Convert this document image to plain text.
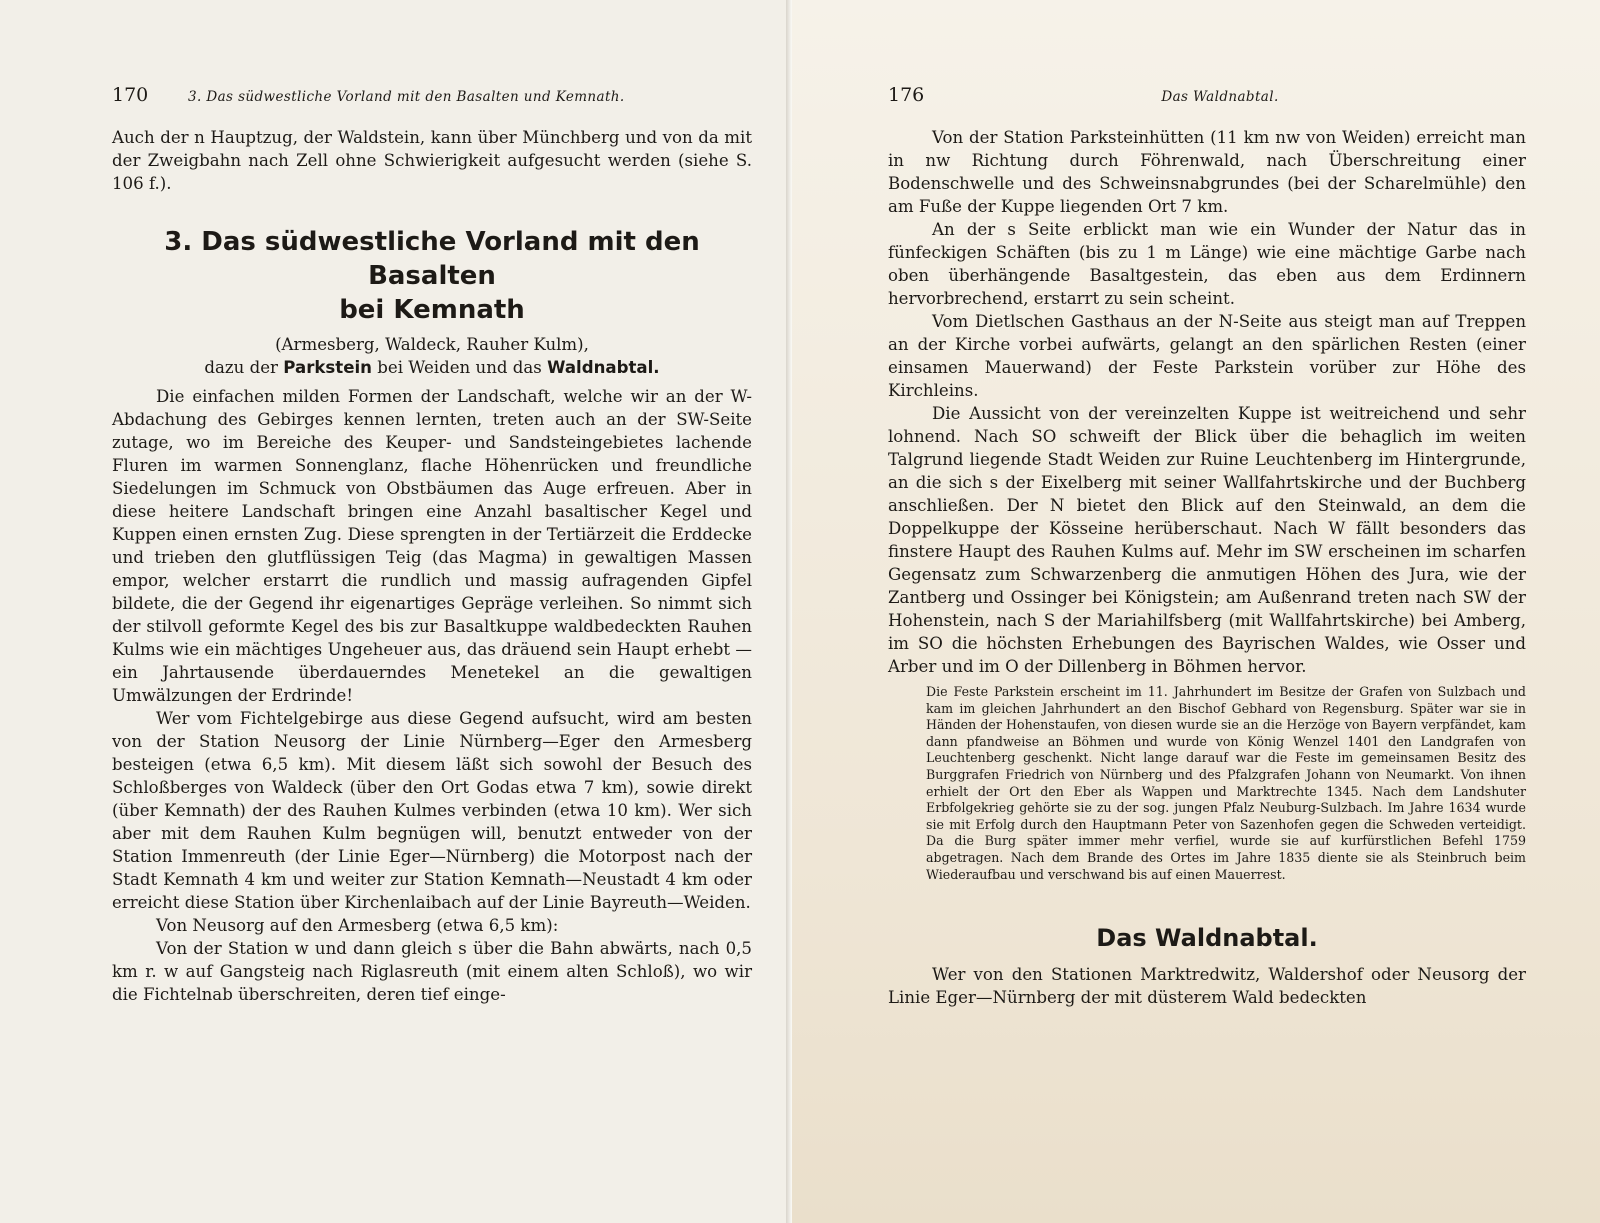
170	3. Das südwestliche Vorland mit den Basalten und Kemnath.

Auch der n Hauptzug, der Waldstein, kann über Münchberg und von da mit der Zweigbahn nach Zell ohne Schwierigkeit aufgesucht werden (siehe S. 106 f.).

3. Das südwestliche Vorland mit den Basalten
bei Kemnath
(Armesberg, Waldeck, Rauher Kulm),
dazu der Parkstein bei Weiden und das Waldnabtal.

Die einfachen milden Formen der Landschaft, welche wir an der W-Abdachung des Gebirges kennen lernten, treten auch an der SW-Seite zutage, wo im Bereiche des Keuper- und Sandsteingebietes lachende Fluren im warmen Sonnenglanz, flache Höhenrücken und freundliche Siedelungen im Schmuck von Obstbäumen das Auge erfreuen. Aber in diese heitere Landschaft bringen eine Anzahl basaltischer Kegel und Kuppen einen ernsten Zug. Diese sprengten in der Tertiärzeit die Erddecke und trieben den glutflüssigen Teig (das Magma) in gewaltigen Massen empor, welcher erstarrt die rundlich und massig aufragenden Gipfel bildete, die der Gegend ihr eigenartiges Gepräge verleihen. So nimmt sich der stilvoll geformte Kegel des bis zur Basaltkuppe waldbedeckten Rauhen Kulms wie ein mächtiges Ungeheuer aus, das dräuend sein Haupt erhebt — ein Jahrtausende überdauerndes Menetekel an die gewaltigen Umwälzungen der Erdrinde!

Wer vom Fichtelgebirge aus diese Gegend aufsucht, wird am besten von der Station Neusorg der Linie Nürnberg—Eger den Armesberg besteigen (etwa 6,5 km). Mit diesem läßt sich sowohl der Besuch des Schloßberges von Waldeck (über den Ort Godas etwa 7 km), sowie direkt (über Kemnath) der des Rauhen Kulmes verbinden (etwa 10 km). Wer sich aber mit dem Rauhen Kulm begnügen will, benutzt entweder von der Station Immenreuth (der Linie Eger—Nürnberg) die Motorpost nach der Stadt Kemnath 4 km und weiter zur Station Kemnath—Neustadt 4 km oder erreicht diese Station über Kirchenlaibach auf der Linie Bayreuth—Weiden.

Von Neusorg auf den Armesberg (etwa 6,5 km):

Von der Station w und dann gleich s über die Bahn abwärts, nach 0,5 km r. w auf Gangsteig nach Riglasreuth (mit einem alten Schloß), wo wir die Fichtelnab überschreiten, deren tief einge-

176	Das Waldnabtal.

Von der Station Parksteinhütten (11 km nw von Weiden) erreicht man in nw Richtung durch Föhrenwald, nach Überschreitung einer Bodenschwelle und des Schweinsnabgrundes (bei der Scharelmühle) den am Fuße der Kuppe liegenden Ort 7 km.

An der s Seite erblickt man wie ein Wunder der Natur das in fünfeckigen Schäften (bis zu 1 m Länge) wie eine mächtige Garbe nach oben überhängende Basaltgestein, das eben aus dem Erdinnern hervorbrechend, erstarrt zu sein scheint.

Vom Dietlschen Gasthaus an der N-Seite aus steigt man auf Treppen an der Kirche vorbei aufwärts, gelangt an den spärlichen Resten (einer einsamen Mauerwand) der Feste Parkstein vorüber zur Höhe des Kirchleins.

Die Aussicht von der vereinzelten Kuppe ist weitreichend und sehr lohnend. Nach SO schweift der Blick über die behaglich im weiten Talgrund liegende Stadt Weiden zur Ruine Leuchtenberg im Hintergrunde, an die sich s der Eixelberg mit seiner Wallfahrtskirche und der Buchberg anschließen. Der N bietet den Blick auf den Steinwald, an dem die Doppelkuppe der Kösseine herüberschaut. Nach W fällt besonders das finstere Haupt des Rauhen Kulms auf. Mehr im SW erscheinen im scharfen Gegensatz zum Schwarzenberg die anmutigen Höhen des Jura, wie der Zantberg und Ossinger bei Königstein; am Außenrand treten nach SW der Hohenstein, nach S der Mariahilfsberg (mit Wallfahrtskirche) bei Amberg, im SO die höchsten Erhebungen des Bayrischen Waldes, wie Osser und Arber und im O der Dillenberg in Böhmen hervor.

Die Feste Parkstein erscheint im 11. Jahrhundert im Besitze der Grafen von Sulzbach und kam im gleichen Jahrhundert an den Bischof Gebhard von Regensburg. Später war sie in Händen der Hohenstaufen, von diesen wurde sie an die Herzöge von Bayern verpfändet, kam dann pfandweise an Böhmen und wurde von König Wenzel 1401 den Landgrafen von Leuchtenberg geschenkt. Nicht lange darauf war die Feste im gemeinsamen Besitz des Burggrafen Friedrich von Nürnberg und des Pfalzgrafen Johann von Neumarkt. Von ihnen erhielt der Ort den Eber als Wappen und Marktrechte 1345. Nach dem Landshuter Erbfolgekrieg gehörte sie zu der sog. jungen Pfalz Neuburg-Sulzbach. Im Jahre 1634 wurde sie mit Erfolg durch den Hauptmann Peter von Sazenhofen gegen die Schweden verteidigt. Da die Burg später immer mehr verfiel, wurde sie auf kurfürstlichen Befehl 1759 abgetragen. Nach dem Brande des Ortes im Jahre 1835 diente sie als Steinbruch beim Wiederaufbau und verschwand bis auf einen Mauerrest.

Das Waldnabtal.

Wer von den Stationen Marktredwitz, Waldershof oder Neusorg der Linie Eger—Nürnberg der mit düsterem Wald bedeckten
